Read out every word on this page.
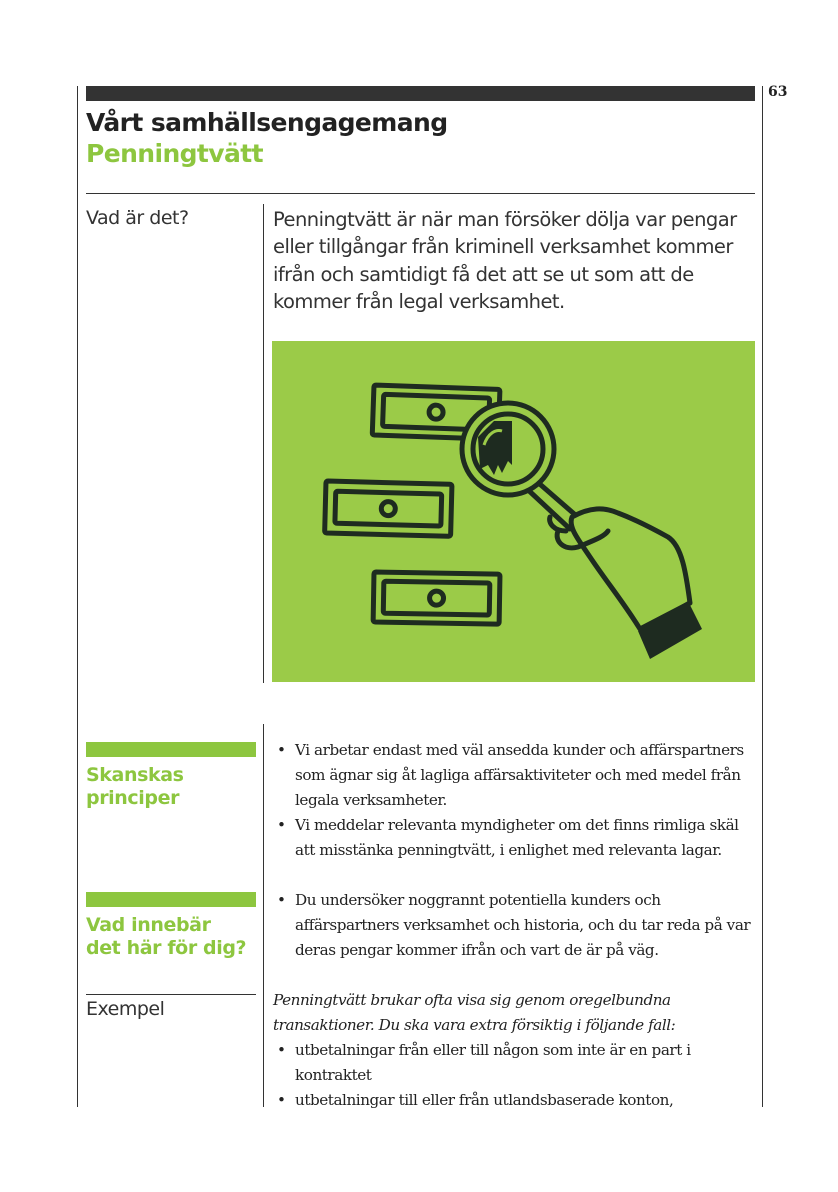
63
Vårt samhällsengagemang
Penningtvätt
Vad är det?	Penningtvätt är när man försöker dölja var pengar eller tillgångar från kriminell verksamhet kommer ifrån och samtidigt få det att se ut som att de kommer från legal verksamhet.

Skanskas
principer
• Vi arbetar endast med väl ansedda kunder och affärspartners som ägnar sig åt lagliga affärsaktiviteter och med medel från legala verksamheter.
• Vi meddelar relevanta myndigheter om det finns rimliga skäl att misstänka penningtvätt, i enlighet med relevanta lagar.
Vad innebär
det här för dig?
• Du undersöker noggrannt potentiella kunders och affärspartners verksamhet och historia, och du tar reda på var deras pengar kommer ifrån och vart de är på väg.
Exempel	Penningtvätt brukar ofta visa sig genom oregelbundna transaktioner. Du ska vara extra försiktig i följande fall:

• utbetalningar från eller till någon som inte är en part i kontraktet
• utbetalningar till eller från utlandsbaserade konton,
